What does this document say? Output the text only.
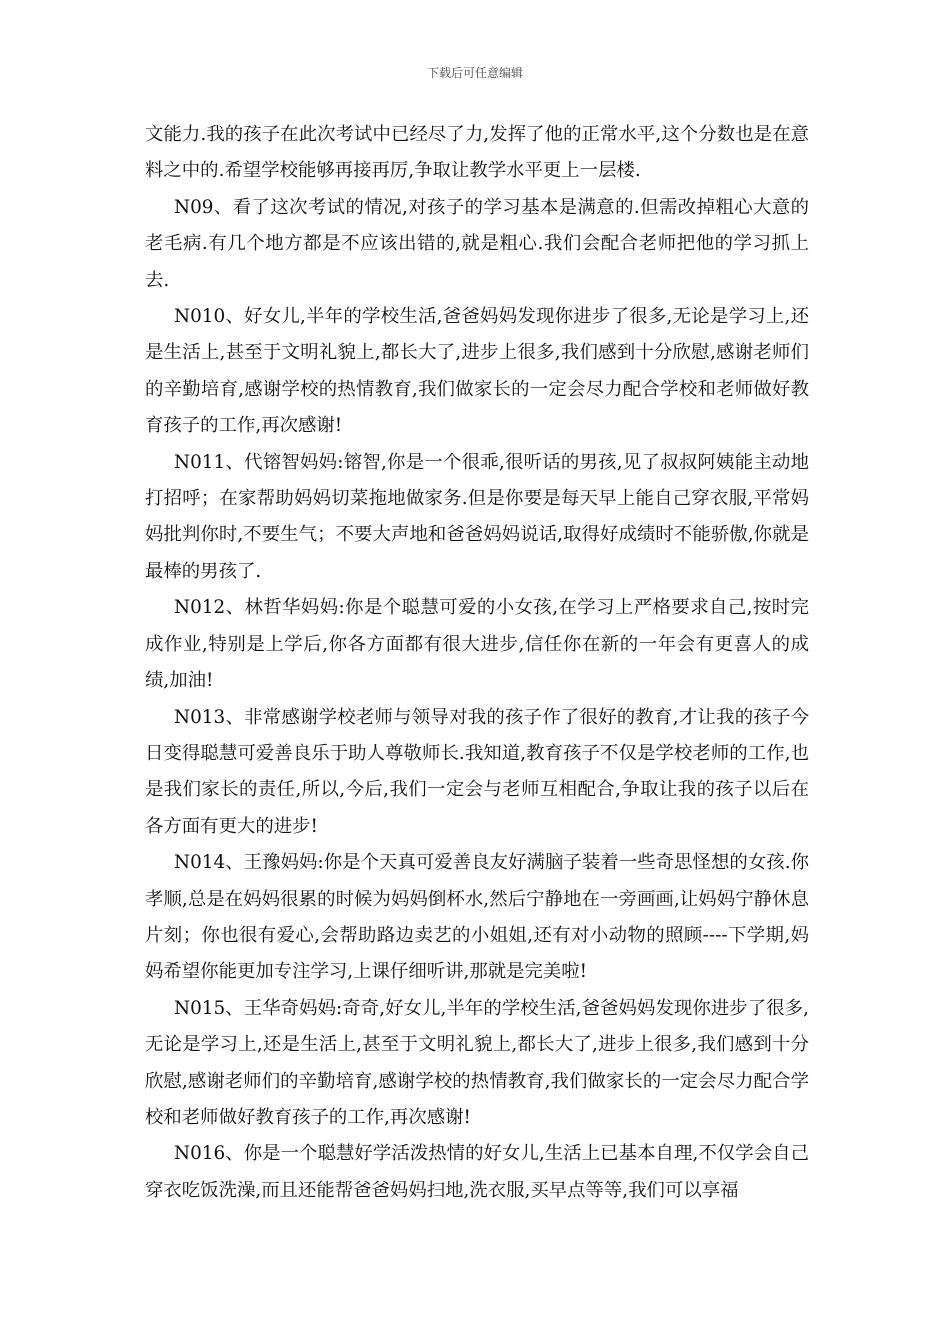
下载后可任意编辑

文能力.我的孩子在此次考试中已经尽了力,发挥了他的正常水平,这个分数也是在意料之中的.希望学校能够再接再厉,争取让教学水平更上一层楼.

N09、看了这次考试的情况,对孩子的学习基本是满意的.但需改掉粗心大意的老毛病.有几个地方都是不应该出错的,就是粗心.我们会配合老师把他的学习抓上去.

N010、好女儿,半年的学校生活,爸爸妈妈发现你进步了很多,无论是学习上,还是生活上,甚至于文明礼貌上,都长大了,进步上很多,我们感到十分欣慰,感谢老师们的辛勤培育,感谢学校的热情教育,我们做家长的一定会尽力配合学校和老师做好教育孩子的工作,再次感谢!

N011、代镕智妈妈:镕智,你是一个很乖,很听话的男孩,见了叔叔阿姨能主动地打招呼；在家帮助妈妈切菜拖地做家务.但是你要是每天早上能自己穿衣服,平常妈妈批判你时,不要生气；不要大声地和爸爸妈妈说话,取得好成绩时不能骄傲,你就是最棒的男孩了.

N012、林哲华妈妈:你是个聪慧可爱的小女孩,在学习上严格要求自己,按时完成作业,特别是上学后,你各方面都有很大进步,信任你在新的一年会有更喜人的成绩,加油!

N013、非常感谢学校老师与领导对我的孩子作了很好的教育,才让我的孩子今日变得聪慧可爱善良乐于助人尊敬师长.我知道,教育孩子不仅是学校老师的工作,也是我们家长的责任,所以,今后,我们一定会与老师互相配合,争取让我的孩子以后在各方面有更大的进步!

N014、王豫妈妈:你是个天真可爱善良友好满脑子装着一些奇思怪想的女孩.你孝顺,总是在妈妈很累的时候为妈妈倒杯水,然后宁静地在一旁画画,让妈妈宁静休息片刻；你也很有爱心,会帮助路边卖艺的小姐姐,还有对小动物的照顾----下学期,妈妈希望你能更加专注学习,上课仔细听讲,那就是完美啦!

N015、王华奇妈妈:奇奇,好女儿,半年的学校生活,爸爸妈妈发现你进步了很多,无论是学习上,还是生活上,甚至于文明礼貌上,都长大了,进步上很多,我们感到十分欣慰,感谢老师们的辛勤培育,感谢学校的热情教育,我们做家长的一定会尽力配合学校和老师做好教育孩子的工作,再次感谢!

N016、你是一个聪慧好学活泼热情的好女儿,生活上已基本自理,不仅学会自己穿衣吃饭洗澡,而且还能帮爸爸妈妈扫地,洗衣服,买早点等等,我们可以享福
